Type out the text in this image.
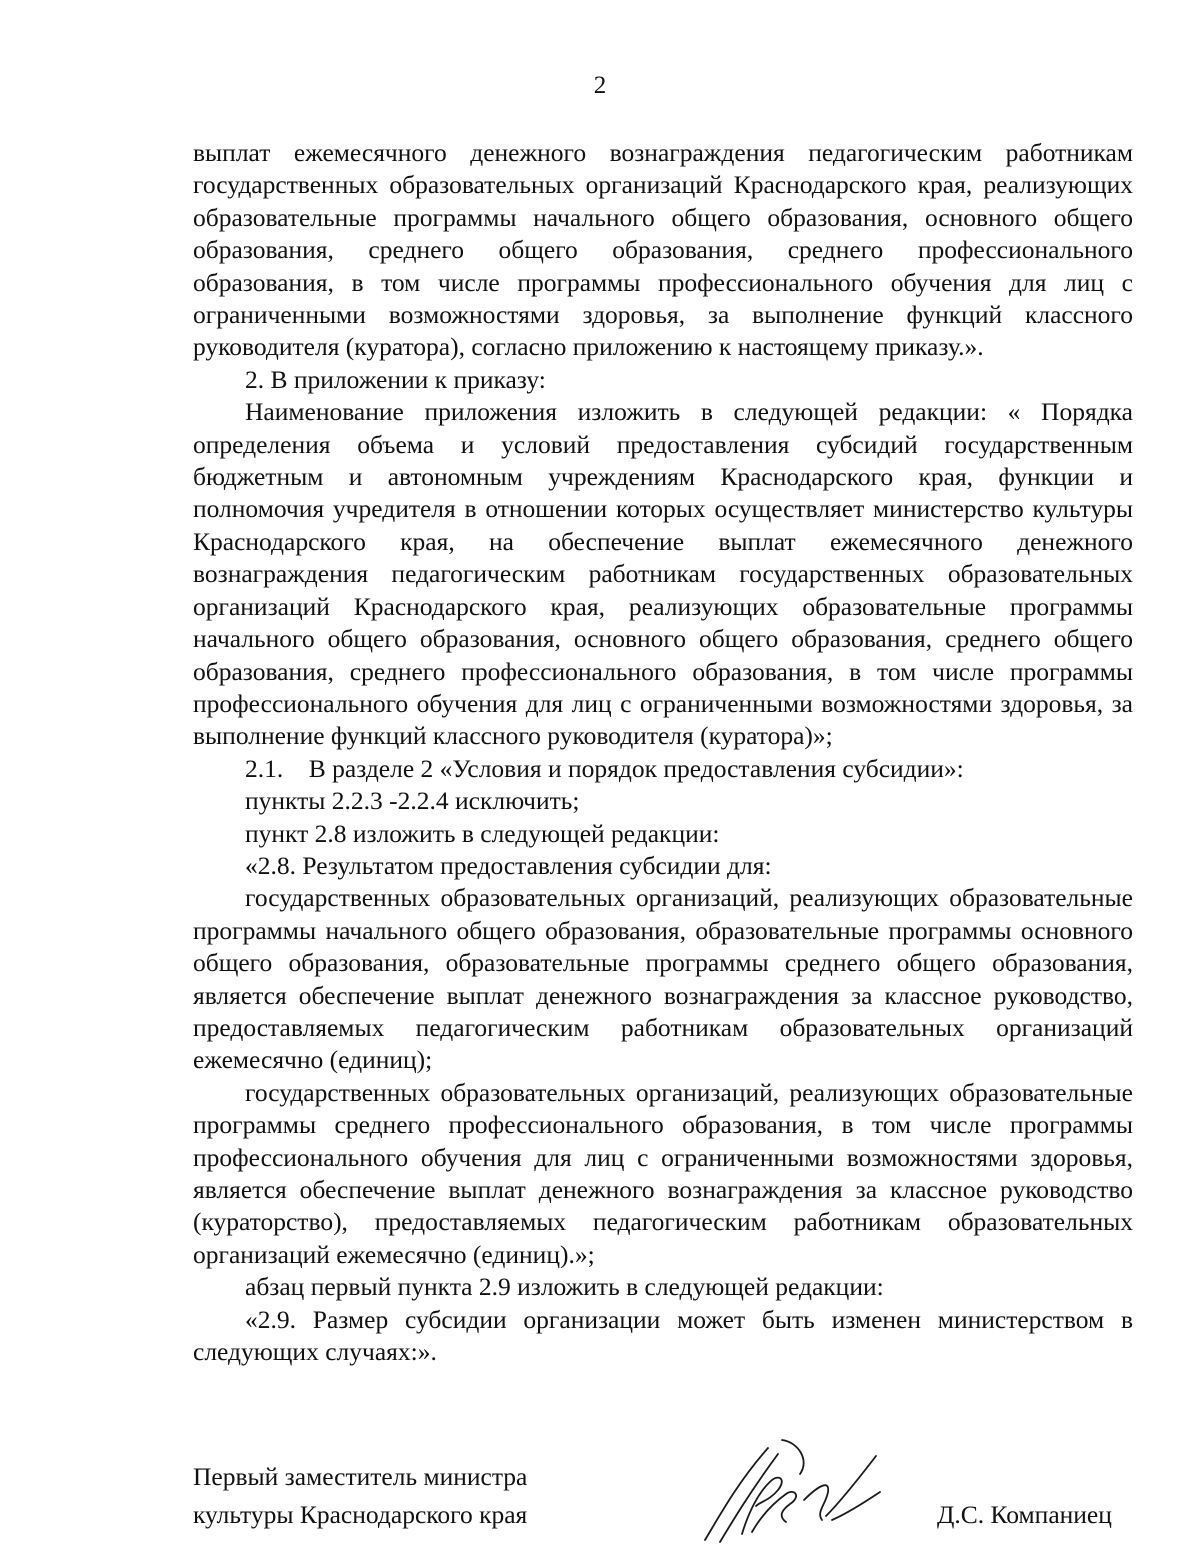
2

выплат ежемесячного денежного вознаграждения педагогическим работникам государственных образовательных организаций Краснодарского края, реализующих образовательные программы начального общего образования, основного общего образования, среднего общего образования, среднего профессионального образования, в том числе программы профессионального обучения для лиц с ограниченными возможностями здоровья, за выполнение функций классного руководителя (куратора), согласно приложению к настоящему приказу.».

2. В приложении к приказу:

Наименование приложения изложить в следующей редакции: « Порядка определения объема и условий предоставления субсидий государственным бюджетным и автономным учреждениям Краснодарского края, функции и полномочия учредителя в отношении которых осуществляет министерство культуры Краснодарского края, на обеспечение выплат ежемесячного денежного вознаграждения педагогическим работникам государственных образовательных организаций Краснодарского края, реализующих образовательные программы начального общего образования, основного общего образования, среднего общего образования, среднего профессионального образования, в том числе программы профессионального обучения для лиц с ограниченными возможностями здоровья, за выполнение функций классного руководителя (куратора)»;

2.1.    В разделе 2 «Условия и порядок предоставления субсидии»:

пункты 2.2.3 -2.2.4 исключить;

пункт 2.8 изложить в следующей редакции:

«2.8. Результатом предоставления субсидии для:

государственных образовательных организаций, реализующих образовательные программы начального общего образования, образовательные программы основного общего образования, образовательные программы среднего общего образования, является обеспечение выплат денежного вознаграждения за классное руководство, предоставляемых педагогическим работникам образовательных организаций ежемесячно (единиц);

государственных образовательных организаций, реализующих образовательные программы среднего профессионального образования, в том числе программы профессионального обучения для лиц с ограниченными возможностями здоровья, является обеспечение выплат денежного вознаграждения за классное руководство (кураторство), предоставляемых педагогическим работникам образовательных организаций ежемесячно (единиц).»;

абзац первый пункта 2.9 изложить в следующей редакции:

«2.9. Размер субсидии организации может быть изменен министерством в следующих случаях:».

Первый заместитель министра
культуры Краснодарского края	Д.С. Компаниец
